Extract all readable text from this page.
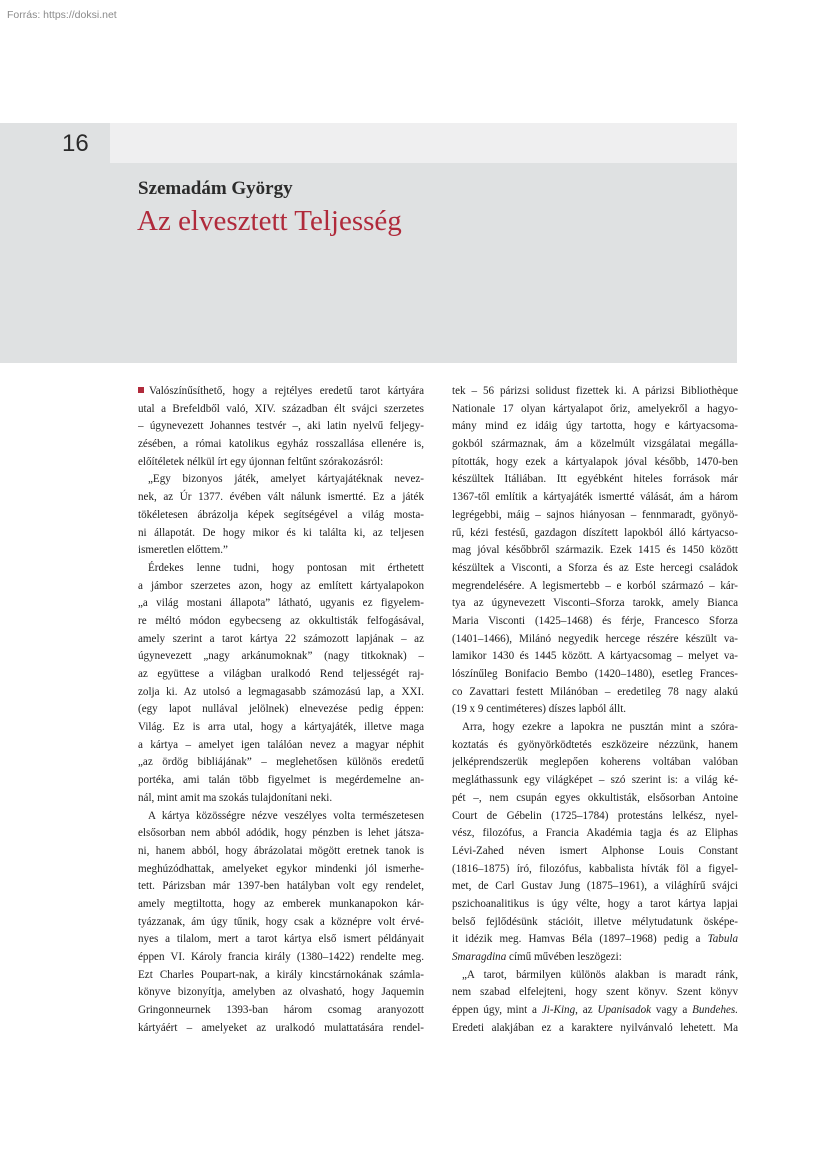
Forrás: https://doksi.net
16
Szemadám György
Az elvesztett Teljesség
Valószínűsíthető, hogy a rejtélyes eredetű tarot kártyára
utal a Brefeldből való, XIV. században élt svájci szerzetes
– úgynevezett Johannes testvér –, aki latin nyelvű feljegy-
zésében, a római katolikus egyház rosszallása ellenére is,
előítéletek nélkül írt egy újonnan feltűnt szórakozásról:
„Egy bizonyos játék, amelyet kártyajátéknak nevez-
nek, az Úr 1377. évében vált nálunk ismertté. Ez a játék
tökéletesen ábrázolja képek segítségével a világ mosta-
ni állapotát. De hogy mikor és ki találta ki, az teljesen
ismeretlen előttem.”
Érdekes lenne tudni, hogy pontosan mit érthetett
a jámbor szerzetes azon, hogy az említett kártyalapokon
„a világ mostani állapota” látható, ugyanis ez figyelem-
re méltó módon egybecseng az okkultisták felfogásával,
amely szerint a tarot kártya 22 számozott lapjának – az
úgynevezett „nagy arkánumoknak” (nagy titkoknak) –
az együttese a világban uralkodó Rend teljességét raj-
zolja ki. Az utolsó a legmagasabb számozású lap, a XXI.
(egy lapot nullával jelölnek) elnevezése pedig éppen:
Világ. Ez is arra utal, hogy a kártyajáték, illetve maga
a kártya – amelyet igen találóan nevez a magyar néphit
„az ördög bibliájának” – meglehetősen különös eredetű
portéka, ami talán több figyelmet is megérdemelne an-
nál, mint amit ma szokás tulajdonítani neki.
A kártya közösségre nézve veszélyes volta természetesen
elsősorban nem abból adódik, hogy pénzben is lehet játsza-
ni, hanem abból, hogy ábrázolatai mögött eretnek tanok is
meghúzódhattak, amelyeket egykor mindenki jól ismerhe-
tett. Párizsban már 1397-ben hatályban volt egy rendelet,
amely megtiltotta, hogy az emberek munkanapokon kár-
tyázzanak, ám úgy tűnik, hogy csak a köznépre volt érvé-
nyes a tilalom, mert a tarot kártya első ismert példányait
éppen VI. Károly francia király (1380–1422) rendelte meg.
Ezt Charles Poupart-nak, a király kincstárnokának számla-
könyve bizonyítja, amelyben az olvasható, hogy Jaquemin
Gringonneurnek 1393-ban három csomag aranyozott
kártyáért – amelyeket az uralkodó mulattatására rendel-
tek – 56 párizsi solidust fizettek ki. A párizsi Bibliothèque
Nationale 17 olyan kártyalapot őriz, amelyekről a hagyo-
mány mind ez idáig úgy tartotta, hogy e kártyacsoma-
gokból származnak, ám a közelmúlt vizsgálatai megálla-
pították, hogy ezek a kártyalapok jóval később, 1470-ben
készültek Itáliában. Itt egyébként hiteles források már
1367-től említik a kártyajáték ismertté válását, ám a három
legrégebbi, máig – sajnos hiányosan – fennmaradt, gyönyö-
rű, kézi festésű, gazdagon díszített lapokból álló kártyacso-
mag jóval későbbről származik. Ezek 1415 és 1450 között
készültek a Visconti, a Sforza és az Este hercegi családok
megrendelésére. A legismertebb – e korból származó – kár-
tya az úgynevezett Visconti–Sforza tarokk, amely Bianca
Maria Visconti (1425–1468) és férje, Francesco Sforza
(1401–1466), Milánó negyedik hercege részére készült va-
lamikor 1430 és 1445 között. A kártyacsomag – melyet va-
lószínűleg Bonifacio Bembo (1420–1480), esetleg Frances-
co Zavattari festett Milánóban – eredetileg 78 nagy alakú
(19 x 9 centiméteres) díszes lapból állt.
Arra, hogy ezekre a lapokra ne pusztán mint a szóra-
koztatás és gyönyörködtetés eszközeire nézzünk, hanem
jelképrendszerük meglepően koherens voltában valóban
megláthassunk egy világképet – szó szerint is: a világ ké-
pét –, nem csupán egyes okkultisták, elsősorban Antoine
Court de Gébelin (1725–1784) protestáns lelkész, nyel-
vész, filozófus, a Francia Akadémia tagja és az Eliphas
Lévi-Zahed néven ismert Alphonse Louis Constant
(1816–1875) író, filozófus, kabbalista hívták föl a figyel-
met, de Carl Gustav Jung (1875–1961), a világhírű svájci
pszichoanalitikus is úgy vélte, hogy a tarot kártya lapjai
belső fejlődésünk stációit, illetve mélytudatunk ösképe-
it idézik meg. Hamvas Béla (1897–1968) pedig a Tabula
Smaragdina című művében leszögezi:
„A tarot, bármilyen különös alakban is maradt ránk,
nem szabad elfelejteni, hogy szent könyv. Szent könyv
éppen úgy, mint a Ji-King, az Upanisadok vagy a Bundehes.
Eredeti alakjában ez a karaktere nyilvánvaló lehetett. Ma
